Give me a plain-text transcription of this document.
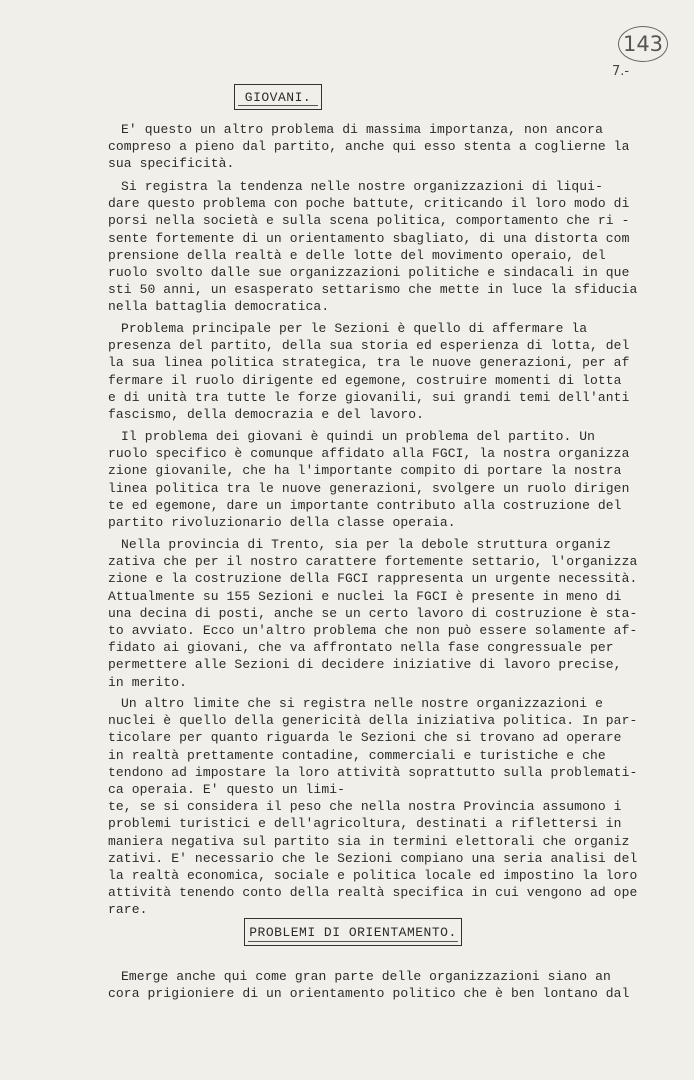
143
7.-
GIOVANI.
E' questo un altro problema di massima importanza, non ancora
compreso a pieno dal partito, anche qui esso stenta a coglierne la
sua specificità.
Si registra la tendenza nelle nostre organizzazioni di liqui-
dare questo problema con poche battute, criticando il loro modo di
porsi nella società e sulla scena politica, comportamento che ri -
sente fortemente di un orientamento sbagliato, di una distorta com
prensione della realtà e delle lotte del movimento operaio, del
ruolo svolto dalle sue organizzazioni politiche e sindacali in que
sti 50 anni, un esasperato settarismo che mette in luce la sfiducia
nella battaglia democratica.
Problema principale per le Sezioni è quello di affermare la
presenza del partito, della sua storia ed esperienza di lotta, del
la sua linea politica strategica, tra le nuove generazioni, per af
fermare il ruolo dirigente ed egemone, costruire momenti di lotta
e di unità tra tutte le forze giovanili, sui grandi temi dell'anti
fascismo, della democrazia e del lavoro.
Il problema dei giovani è quindi un problema del partito. Un
ruolo specifico è comunque affidato alla FGCI, la nostra organizza
zione giovanile, che ha l'importante compito di portare la nostra
linea politica tra le nuove generazioni, svolgere un ruolo dirigen
te ed egemone, dare un importante contributo alla costruzione del
partito rivoluzionario della classe operaia.
Nella provincia di Trento, sia per la debole struttura organiz
zativa che per il nostro carattere fortemente settario, l'organizza
zione e la costruzione della FGCI rappresenta un urgente necessità.
Attualmente su 155 Sezioni e nuclei la FGCI è presente in meno di
una decina di posti, anche se un certo lavoro di costruzione è sta-
to avviato. Ecco un'altro problema che non può essere solamente af-
fidato ai giovani, che va affrontato nella fase congressuale per
permettere alle Sezioni di decidere iniziative di lavoro precise,
in merito.
Un altro limite che si registra nelle nostre organizzazioni e
nuclei è quello della genericità della iniziativa politica. In par-
ticolare per quanto riguarda le Sezioni che si trovano ad operare
in realtà prettamente contadine, commerciali e turistiche e che
tendono ad impostare la loro attività soprattutto sulla problemati-
ca operaia. E' questo un limi-
te, se si considera il peso che nella nostra Provincia assumono i
problemi turistici e dell'agricoltura, destinati a riflettersi in
maniera negativa sul partito sia in termini elettorali che organiz
zativi. E' necessario che le Sezioni compiano una seria analisi del
la realtà economica, sociale e politica locale ed impostino la loro
attività tenendo conto della realtà specifica in cui vengono ad ope
rare.
PROBLEMI DI ORIENTAMENTO.
Emerge anche qui come gran parte delle organizzazioni siano an
cora prigioniere di un orientamento politico che è ben lontano dal
